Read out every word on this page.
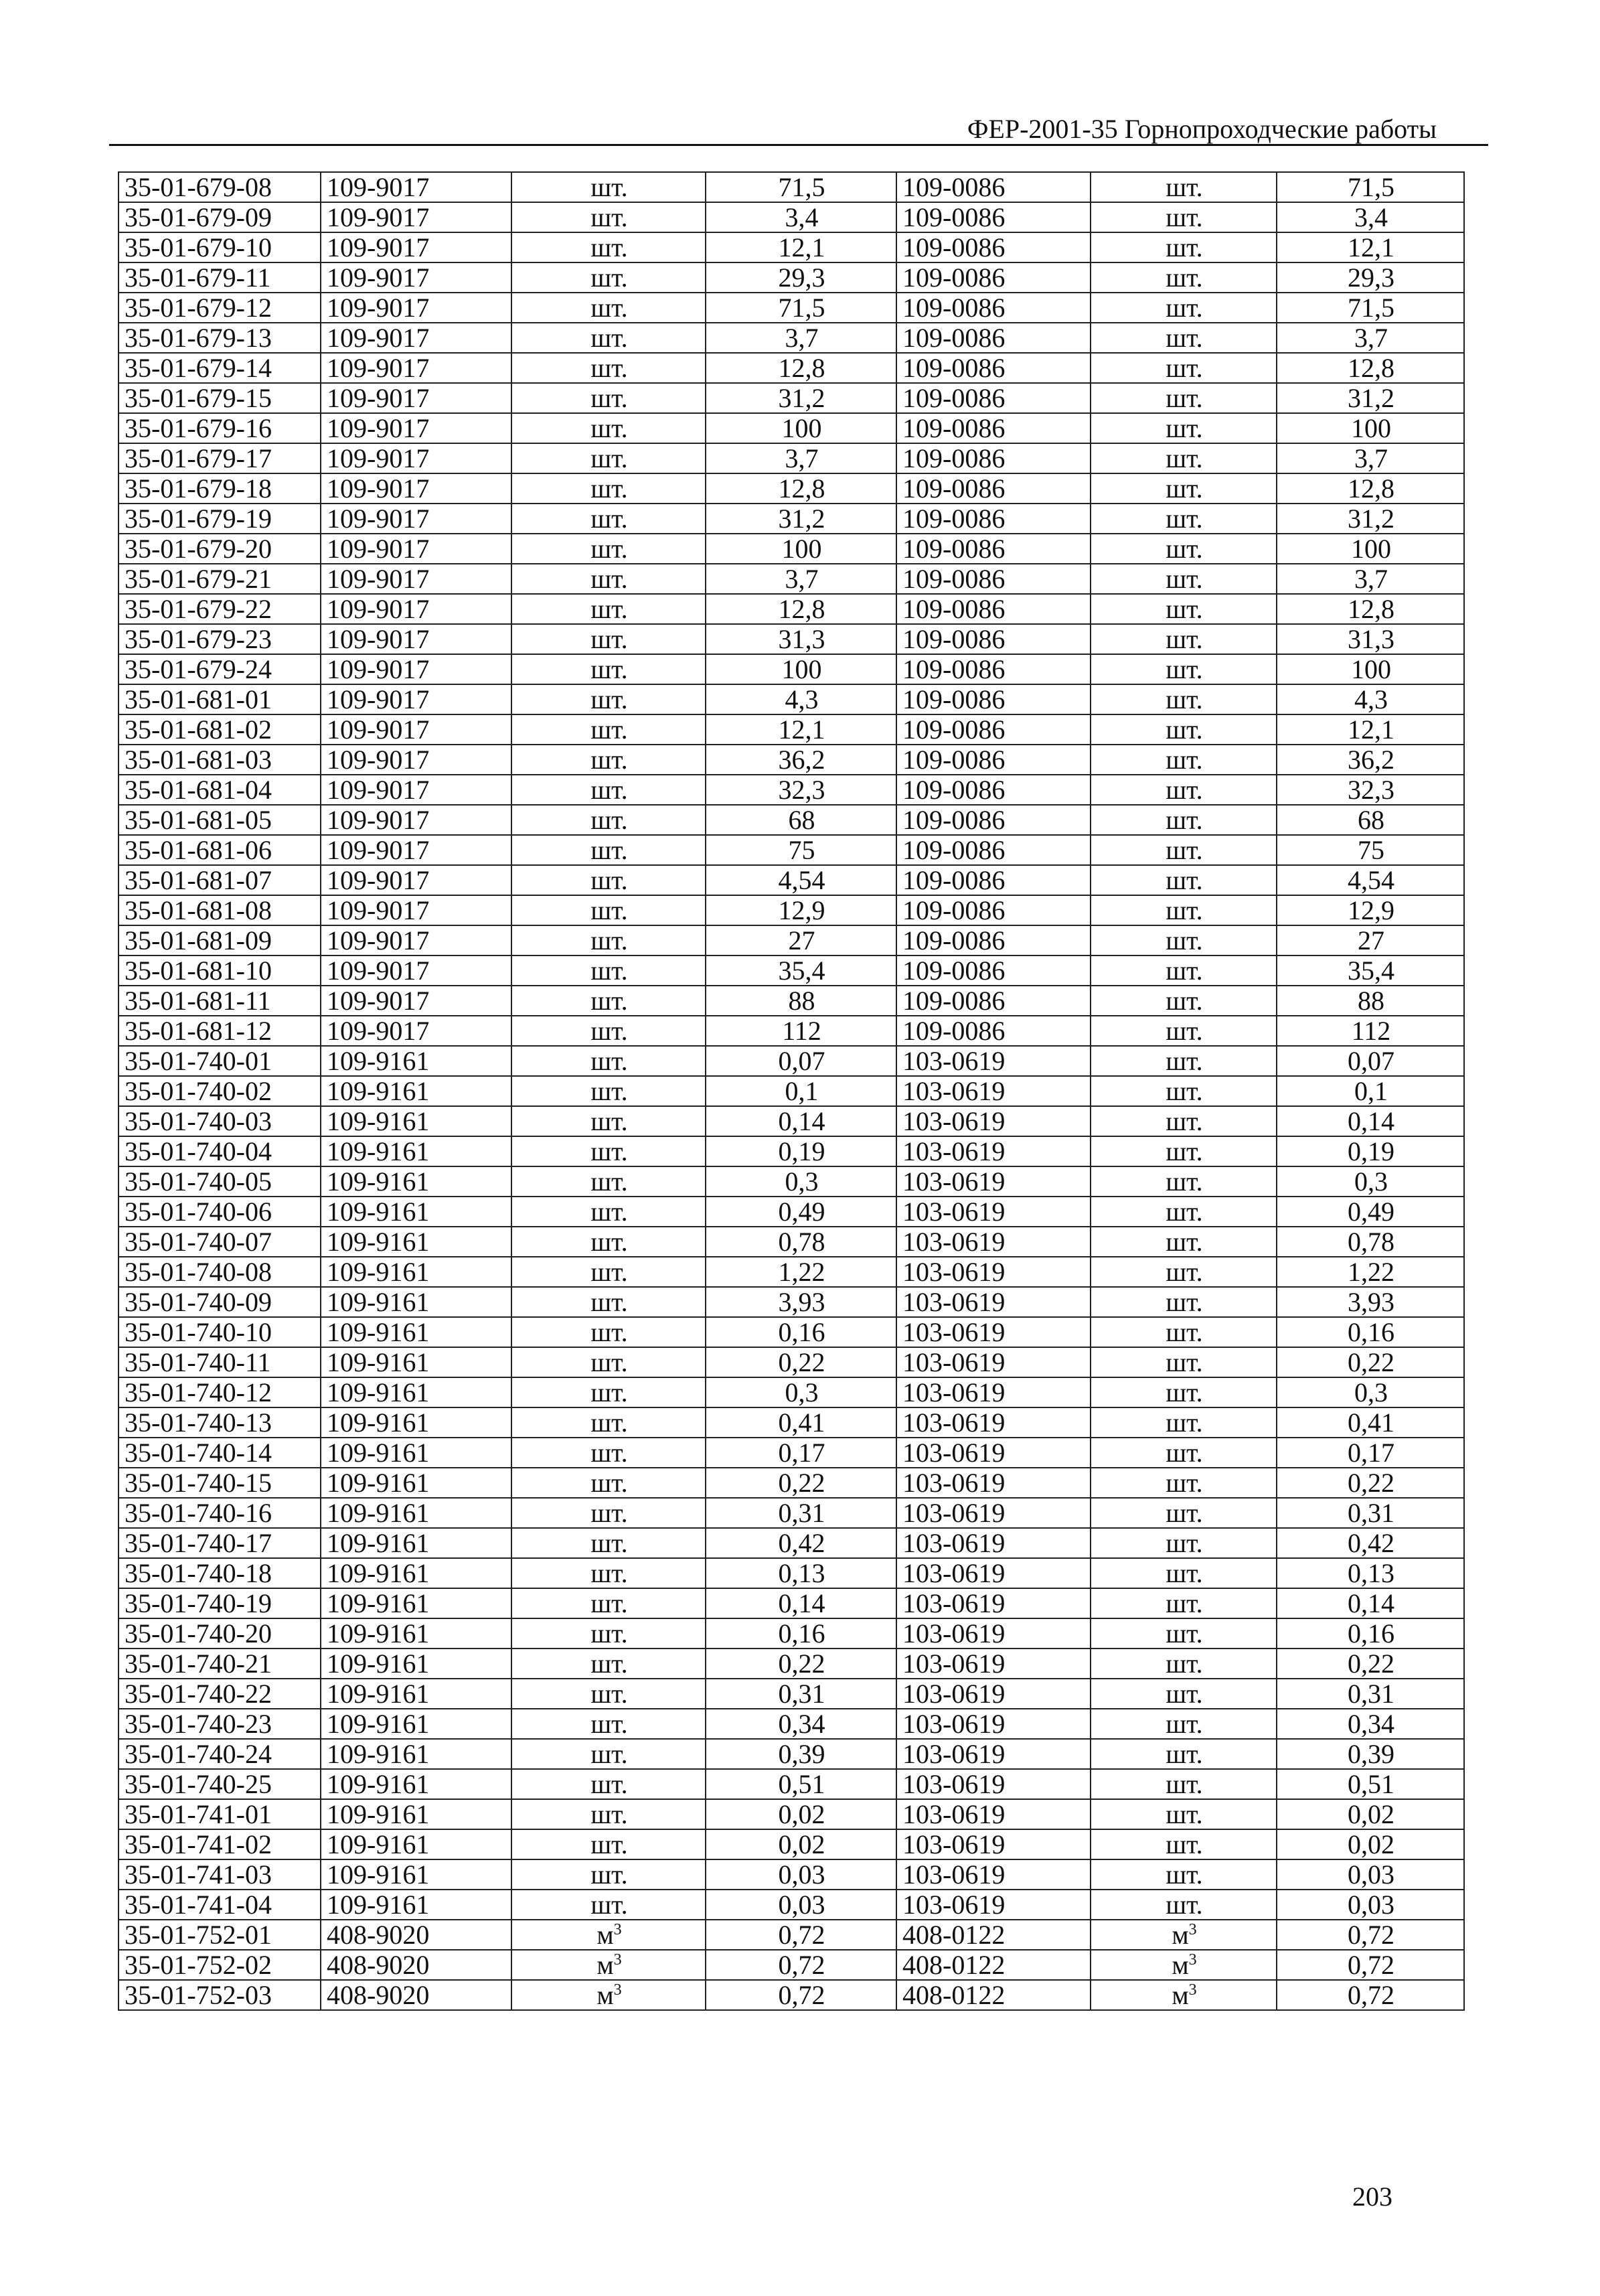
ФЕР-2001-35 Горнопроходческие работы
35-01-679-08	109-9017	шт.	71,5	109-0086	шт.	71,5
35-01-679-09	109-9017	шт.	3,4	109-0086	шт.	3,4
35-01-679-10	109-9017	шт.	12,1	109-0086	шт.	12,1
35-01-679-11	109-9017	шт.	29,3	109-0086	шт.	29,3
35-01-679-12	109-9017	шт.	71,5	109-0086	шт.	71,5
35-01-679-13	109-9017	шт.	3,7	109-0086	шт.	3,7
35-01-679-14	109-9017	шт.	12,8	109-0086	шт.	12,8
35-01-679-15	109-9017	шт.	31,2	109-0086	шт.	31,2
35-01-679-16	109-9017	шт.	100	109-0086	шт.	100
35-01-679-17	109-9017	шт.	3,7	109-0086	шт.	3,7
35-01-679-18	109-9017	шт.	12,8	109-0086	шт.	12,8
35-01-679-19	109-9017	шт.	31,2	109-0086	шт.	31,2
35-01-679-20	109-9017	шт.	100	109-0086	шт.	100
35-01-679-21	109-9017	шт.	3,7	109-0086	шт.	3,7
35-01-679-22	109-9017	шт.	12,8	109-0086	шт.	12,8
35-01-679-23	109-9017	шт.	31,3	109-0086	шт.	31,3
35-01-679-24	109-9017	шт.	100	109-0086	шт.	100
35-01-681-01	109-9017	шт.	4,3	109-0086	шт.	4,3
35-01-681-02	109-9017	шт.	12,1	109-0086	шт.	12,1
35-01-681-03	109-9017	шт.	36,2	109-0086	шт.	36,2
35-01-681-04	109-9017	шт.	32,3	109-0086	шт.	32,3
35-01-681-05	109-9017	шт.	68	109-0086	шт.	68
35-01-681-06	109-9017	шт.	75	109-0086	шт.	75
35-01-681-07	109-9017	шт.	4,54	109-0086	шт.	4,54
35-01-681-08	109-9017	шт.	12,9	109-0086	шт.	12,9
35-01-681-09	109-9017	шт.	27	109-0086	шт.	27
35-01-681-10	109-9017	шт.	35,4	109-0086	шт.	35,4
35-01-681-11	109-9017	шт.	88	109-0086	шт.	88
35-01-681-12	109-9017	шт.	112	109-0086	шт.	112
35-01-740-01	109-9161	шт.	0,07	103-0619	шт.	0,07
35-01-740-02	109-9161	шт.	0,1	103-0619	шт.	0,1
35-01-740-03	109-9161	шт.	0,14	103-0619	шт.	0,14
35-01-740-04	109-9161	шт.	0,19	103-0619	шт.	0,19
35-01-740-05	109-9161	шт.	0,3	103-0619	шт.	0,3
35-01-740-06	109-9161	шт.	0,49	103-0619	шт.	0,49
35-01-740-07	109-9161	шт.	0,78	103-0619	шт.	0,78
35-01-740-08	109-9161	шт.	1,22	103-0619	шт.	1,22
35-01-740-09	109-9161	шт.	3,93	103-0619	шт.	3,93
35-01-740-10	109-9161	шт.	0,16	103-0619	шт.	0,16
35-01-740-11	109-9161	шт.	0,22	103-0619	шт.	0,22
35-01-740-12	109-9161	шт.	0,3	103-0619	шт.	0,3
35-01-740-13	109-9161	шт.	0,41	103-0619	шт.	0,41
35-01-740-14	109-9161	шт.	0,17	103-0619	шт.	0,17
35-01-740-15	109-9161	шт.	0,22	103-0619	шт.	0,22
35-01-740-16	109-9161	шт.	0,31	103-0619	шт.	0,31
35-01-740-17	109-9161	шт.	0,42	103-0619	шт.	0,42
35-01-740-18	109-9161	шт.	0,13	103-0619	шт.	0,13
35-01-740-19	109-9161	шт.	0,14	103-0619	шт.	0,14
35-01-740-20	109-9161	шт.	0,16	103-0619	шт.	0,16
35-01-740-21	109-9161	шт.	0,22	103-0619	шт.	0,22
35-01-740-22	109-9161	шт.	0,31	103-0619	шт.	0,31
35-01-740-23	109-9161	шт.	0,34	103-0619	шт.	0,34
35-01-740-24	109-9161	шт.	0,39	103-0619	шт.	0,39
35-01-740-25	109-9161	шт.	0,51	103-0619	шт.	0,51
35-01-741-01	109-9161	шт.	0,02	103-0619	шт.	0,02
35-01-741-02	109-9161	шт.	0,02	103-0619	шт.	0,02
35-01-741-03	109-9161	шт.	0,03	103-0619	шт.	0,03
35-01-741-04	109-9161	шт.	0,03	103-0619	шт.	0,03
35-01-752-01	408-9020	$м^3$	0,72	408-0122	$м^3$	0,72
35-01-752-02	408-9020	$м^3$	0,72	408-0122	$м^3$	0,72
35-01-752-03	408-9020	$м^3$	0,72	408-0122	$м^3$	0,72
203
